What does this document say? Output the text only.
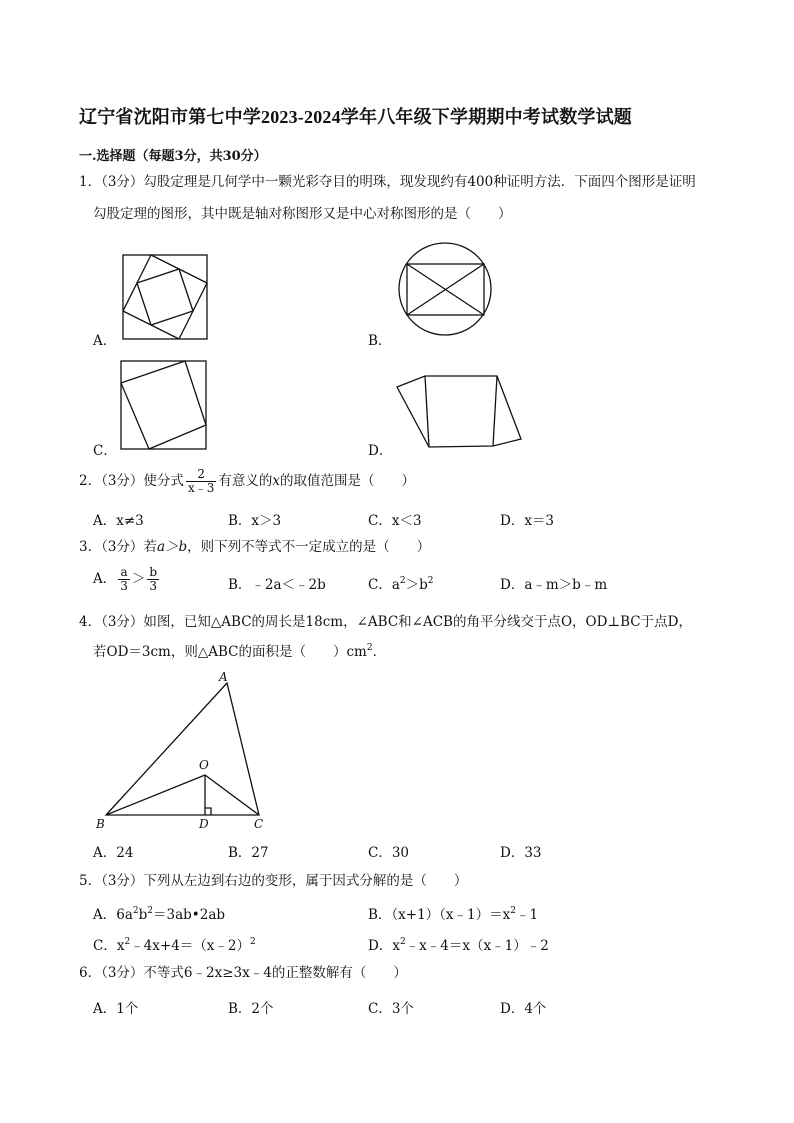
辽宁省沈阳市第七中学2023-2024学年八年级下学期期中考试数学试题
一.选择题（每题3分，共30分）
1．（3分）勾股定理是几何学中一颗光彩夺目的明珠，现发现约有400种证明方法．下面四个图形是证明
勾股定理的图形，其中既是轴对称图形又是中心对称图形的是（　　）
A．	B．
C．	D．
2．（3分）使分式 $\frac{2}{x﹣3}$ 有意义的x的取值范围是（　　）
A．x≠3	B．x＞3	C．x＜3	D．x＝3
3．（3分）若a＞b，则下列不等式不一定成立的是（　　）
A． $\frac{a}{3} > \frac{b}{3}$	B．﹣2a＜﹣2b	C．$a^2>b^2$	D．a﹣m＞b﹣m
4．（3分）如图，已知△ABC的周长是18cm，∠ABC和∠ACB的角平分线交于点O，OD⊥BC于点D，
若OD＝3cm，则△ABC的面积是（　　）$cm^2$．
A
B	C
D
O
A．24	B．27	C．30	D．33
5．（3分）下列从左边到右边的变形，属于因式分解的是（　　）
A．$6a^2b^2=3ab•2ab$	B．$(x+1)(x﹣1)=x^2﹣1$
C．$x^2﹣4x+4=(x﹣2)^2$	D．$x^2﹣x﹣4=x(x﹣1)﹣2$
6．（3分）不等式6﹣2x≥3x﹣4的正整数解有（　　）
A．1个	B．2个	C．3个	D．4个
